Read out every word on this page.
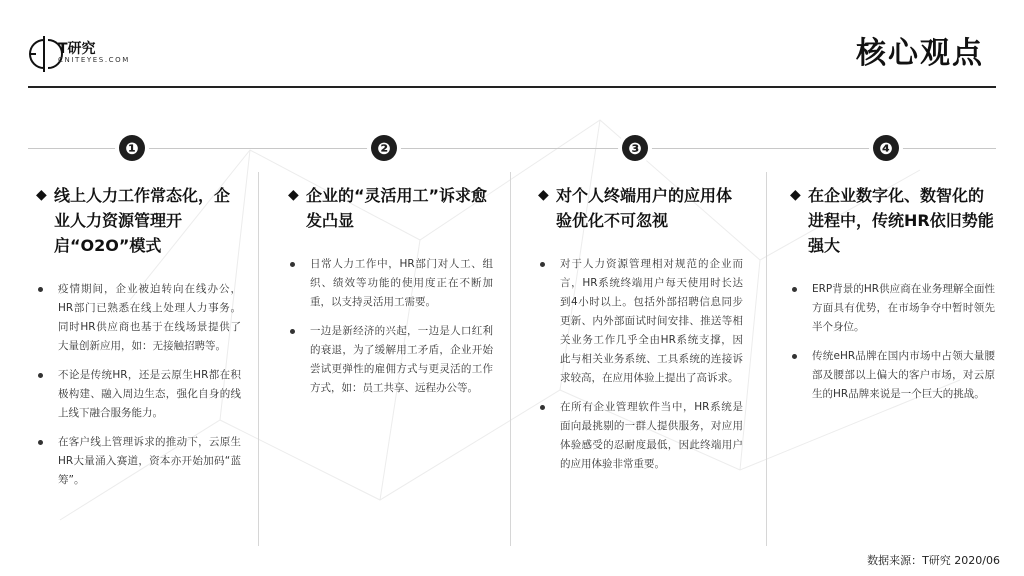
T研究
CNITEYES.COM	核心观点
❶	❷	❸	❹
◆ 线上人力工作常态化，企业人力资源管理开启“O2O”模式
疫情期间，企业被迫转向在线办公，HR部门已熟悉在线上处理人力事务。同时HR供应商也基于在线场景提供了大量创新应用，如：无接触招聘等。
不论是传统HR，还是云原生HR都在积极构建、融入周边生态，强化自身的线上线下融合服务能力。
在客户线上管理诉求的推动下，云原生HR大量涌入赛道，资本亦开始加码“蓝筹”。
◆ 企业的“灵活用工”诉求愈发凸显
日常人力工作中，HR部门对人工、组织、绩效等功能的使用度正在不断加重，以支持灵活用工需要。
一边是新经济的兴起，一边是人口红利的衰退，为了缓解用工矛盾，企业开始尝试更弹性的雇佣方式与更灵活的工作方式，如：员工共享、远程办公等。
◆ 对个人终端用户的应用体验优化不可忽视
对于人力资源管理相对规范的企业而言，HR系统终端用户每天使用时长达到4小时以上。包括外部招聘信息同步更新、内外部面试时间安排、推送等相关业务工作几乎全由HR系统支撑，因此与相关业务系统、工具系统的连接诉求较高，在应用体验上提出了高诉求。
在所有企业管理软件当中，HR系统是面向最挑剔的一群人提供服务，对应用体验感受的忍耐度最低，因此终端用户的应用体验非常重要。
◆ 在企业数字化、数智化的进程中，传统HR依旧势能强大
ERP背景的HR供应商在业务理解全面性方面具有优势，在市场争夺中暂时领先半个身位。
传统eHR品牌在国内市场中占领大量腰部及腰部以上偏大的客户市场，对云原生的HR品牌来说是一个巨大的挑战。
数据来源：T研究 2020/06
